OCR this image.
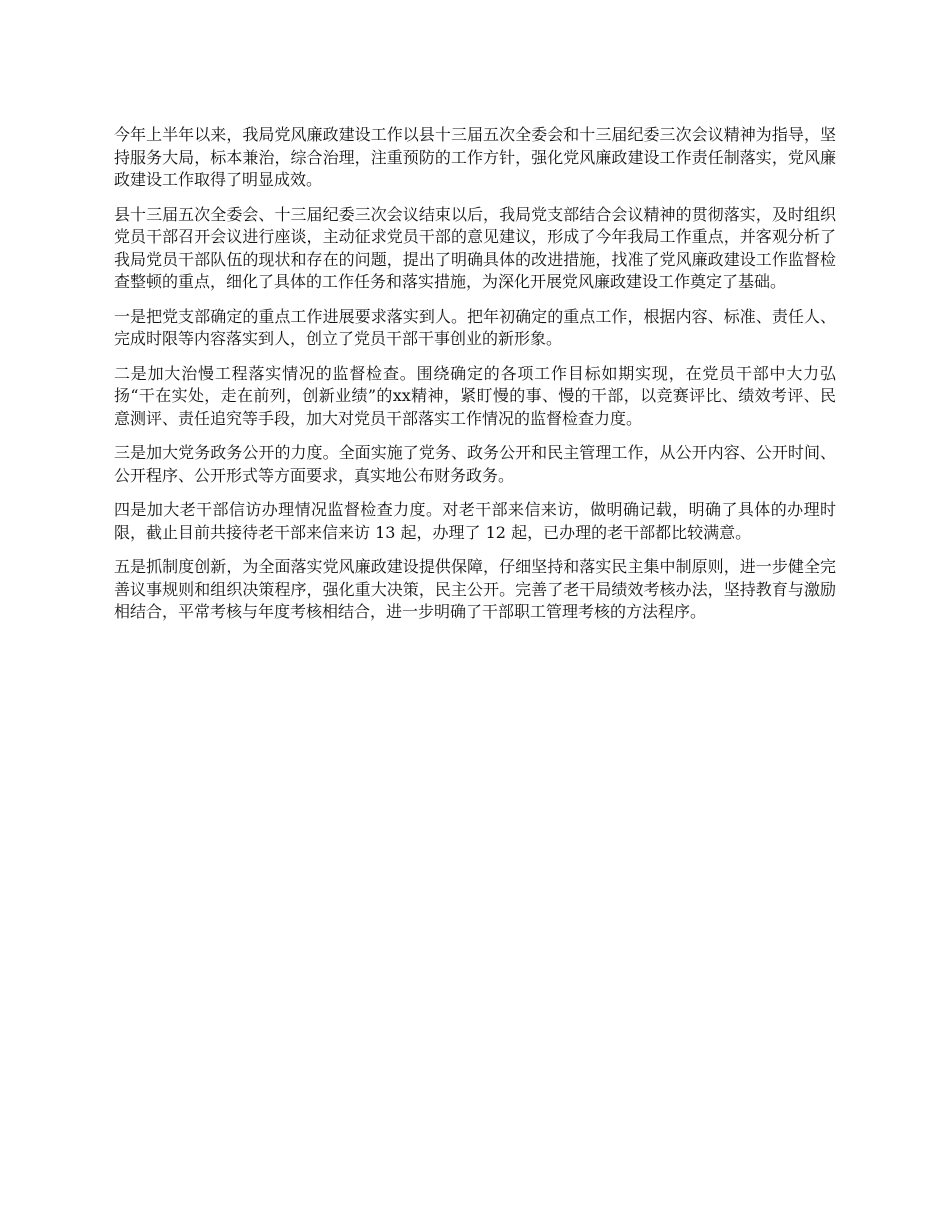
今年上半年以来，我局党风廉政建设工作以县十三届五次全委会和十三届纪委三次会议精神为指导，坚持服务大局，标本兼治，综合治理，注重预防的工作方针，强化党风廉政建设工作责任制落实，党风廉政建设工作取得了明显成效。

县十三届五次全委会、十三届纪委三次会议结束以后，我局党支部结合会议精神的贯彻落实，及时组织党员干部召开会议进行座谈，主动征求党员干部的意见建议，形成了今年我局工作重点，并客观分析了我局党员干部队伍的现状和存在的问题，提出了明确具体的改进措施，找准了党风廉政建设工作监督检查整顿的重点，细化了具体的工作任务和落实措施，为深化开展党风廉政建设工作奠定了基础。

一是把党支部确定的重点工作进展要求落实到人。把年初确定的重点工作，根据内容、标准、责任人、完成时限等内容落实到人，创立了党员干部干事创业的新形象。

二是加大治慢工程落实情况的监督检查。围绕确定的各项工作目标如期实现，在党员干部中大力弘扬“干在实处，走在前列，创新业绩”的xx精神，紧盯慢的事、慢的干部，以竞赛评比、绩效考评、民意测评、责任追究等手段，加大对党员干部落实工作情况的监督检查力度。

三是加大党务政务公开的力度。全面实施了党务、政务公开和民主管理工作，从公开内容、公开时间、公开程序、公开形式等方面要求，真实地公布财务政务。

四是加大老干部信访办理情况监督检查力度。对老干部来信来访，做明确记载，明确了具体的办理时限，截止目前共接待老干部来信来访 13 起，办理了 12 起，已办理的老干部都比较满意。

五是抓制度创新，为全面落实党风廉政建设提供保障，仔细坚持和落实民主集中制原则，进一步健全完善议事规则和组织决策程序，强化重大决策，民主公开。完善了老干局绩效考核办法，坚持教育与激励相结合，平常考核与年度考核相结合，进一步明确了干部职工管理考核的方法程序。
